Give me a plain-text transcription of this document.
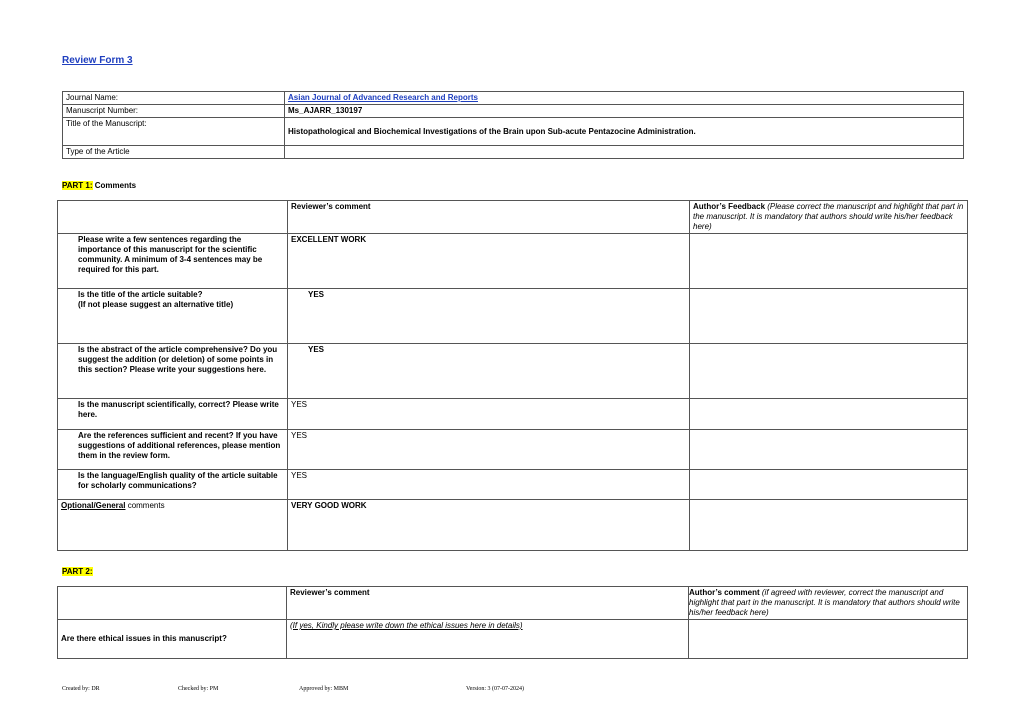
Review Form 3
Journal Name:	Asian Journal of Advanced Research and Reports
Manuscript Number:	Ms_AJARR_130197
Title of the Manuscript:	Histopathological and Biochemical Investigations of the Brain upon Sub-acute Pentazocine Administration.
Type of the Article	
PART 1: Comments
	Reviewer’s comment	Author’s Feedback (Please correct the manuscript and highlight that part in the manuscript. It is mandatory that authors should write his/her feedback here)
Please write a few sentences regarding the importance of this manuscript for the scientific community. A minimum of 3-4 sentences may be required for this part.	EXCELLENT WORK	
Is the title of the article suitable?
(If not please suggest an alternative title)	YES	
Is the abstract of the article comprehensive? Do you suggest the addition (or deletion) of some points in this section? Please write your suggestions here.	YES	
Is the manuscript scientifically, correct? Please write here.	YES	
Are the references sufficient and recent? If you have suggestions of additional references, please mention them in the review form.	YES	
Is the language/English quality of the article suitable for scholarly communications?	YES	
Optional/General comments	VERY GOOD WORK	
PART 2:
	Reviewer’s comment	Author’s comment (if agreed with reviewer, correct the manuscript and highlight that part in the manuscript. It is mandatory that authors should write his/her feedback here)
Are there ethical issues in this manuscript?	(If yes, Kindly please write down the ethical issues here in details)	
Created by: DR	Checked by: PM	Approved by: MBM	Version: 3 (07-07-2024)
